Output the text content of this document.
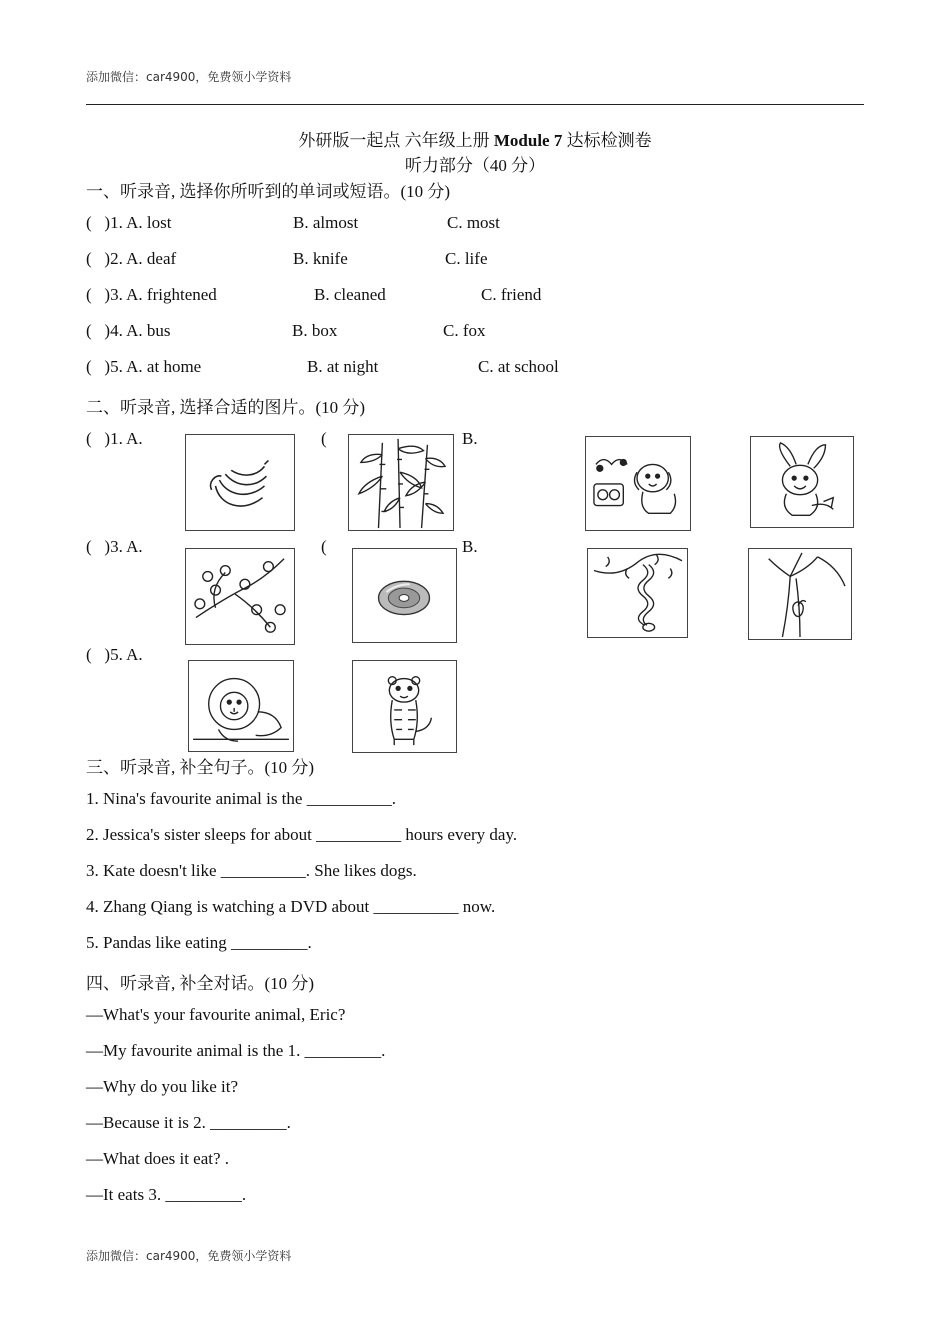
添加微信：car4900，免费领小学资料
外研版一起点 六年级上册 Module 7 达标检测卷
听力部分（40 分）
一、听录音, 选择你所听到的单词或短语。(10 分)
(   )1. A. lost	B. almost	C. most
(   )2. A. deaf	B. knife	C. life
(   )3. A. frightened	B. cleaned	C. friend
(   )4. A. bus	B. box	C. fox
(   )5. A. at home	B. at night	C. at school
二、听录音, 选择合适的图片。(10 分)
(   )1. A.	(	B.
(   )3. A.	(	B.
(   )5. A.
三、听录音, 补全句子。(10 分)
1. Nina's favourite animal is the __________.
2. Jessica's sister sleeps for about __________ hours every day.
3. Kate doesn't like __________. She likes dogs.
4. Zhang Qiang is watching a DVD about __________ now.
5. Pandas like eating _________.
四、听录音, 补全对话。(10 分)
—What's your favourite animal, Eric?
—My favourite animal is the 1. _________.
—Why do you like it?
—Because it is 2. _________.
—What does it eat? .
—It eats 3. _________.
添加微信：car4900，免费领小学资料
